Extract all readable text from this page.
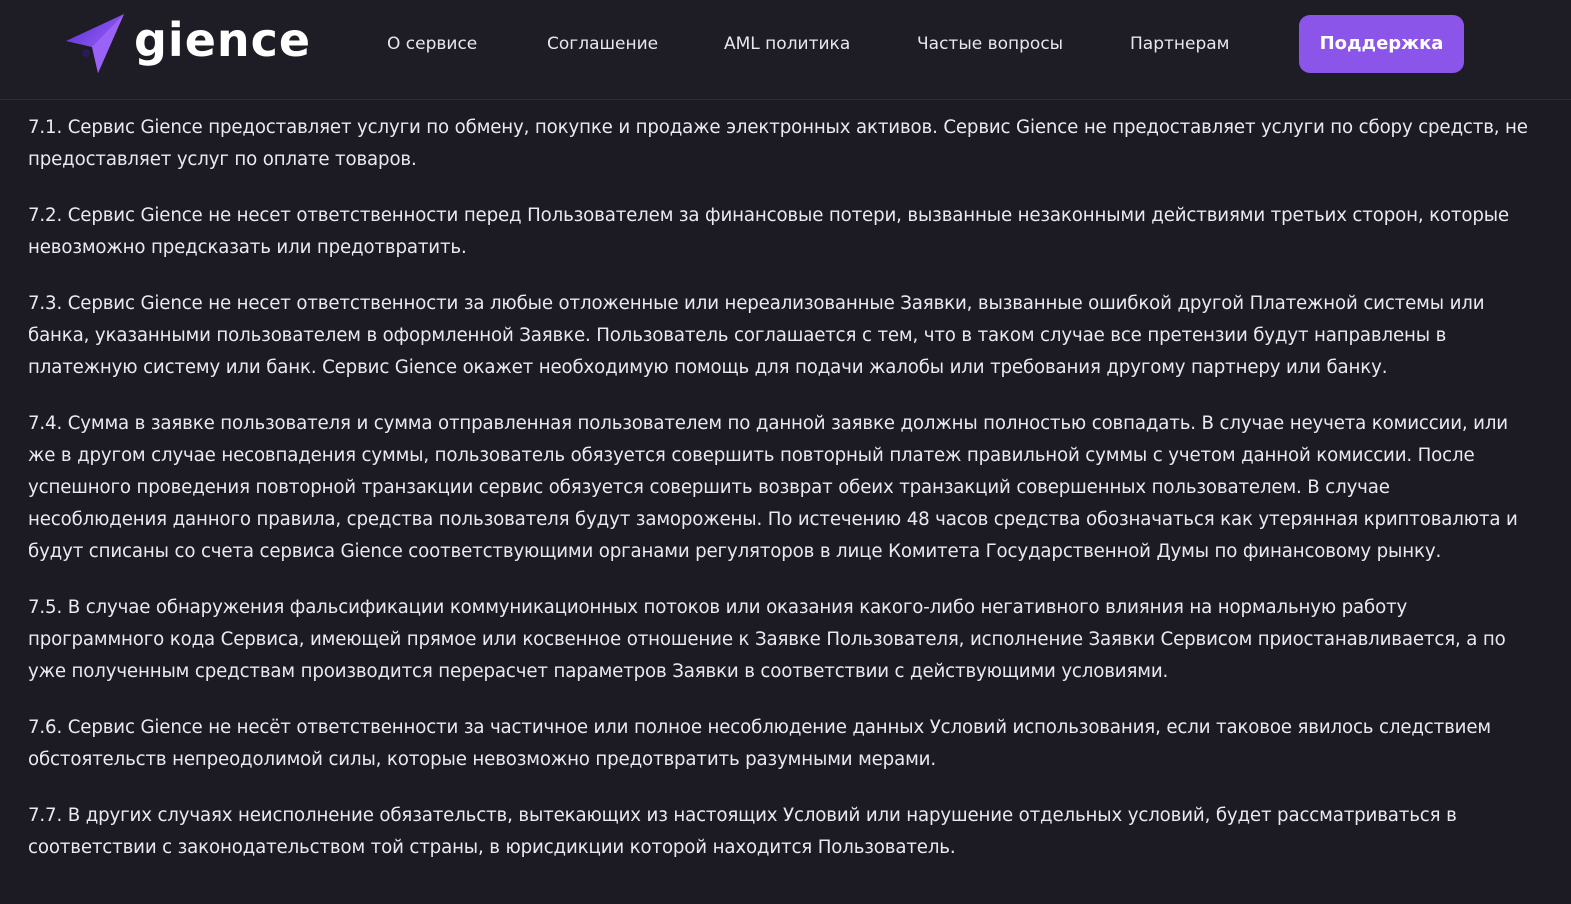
gience	О сервисе	Соглашение	AML политика	Частые вопросы	Партнерам	Поддержка

7.1. Сервис Gience предоставляет услуги по обмену, покупке и продаже электронных активов. Сервис Gience не предоставляет услуги по сбору средств, не предоставляет услуг по оплате товаров.

7.2. Сервис Gience не несет ответственности перед Пользователем за финансовые потери, вызванные незаконными действиями третьих сторон, которые невозможно предсказать или предотвратить.

7.3. Сервис Gience не несет ответственности за любые отложенные или нереализованные Заявки, вызванные ошибкой другой Платежной системы или банка, указанными пользователем в оформленной Заявке. Пользователь соглашается с тем, что в таком случае все претензии будут направлены в платежную систему или банк. Сервис Gience окажет необходимую помощь для подачи жалобы или требования другому партнеру или банку.

7.4. Сумма в заявке пользователя и сумма отправленная пользователем по данной заявке должны полностью совпадать. В случае неучета комиссии, или же в другом случае несовпадения суммы, пользователь обязуется совершить повторный платеж правильной суммы с учетом данной комиссии. После успешного проведения повторной транзакции сервис обязуется совершить возврат обеих транзакций совершенных пользователем. В случае несоблюдения данного правила, средства пользователя будут заморожены. По истечению 48 часов средства обозначаться как утерянная криптовалюта и будут списаны со счета сервиса Gience соответствующими органами регуляторов в лице Комитета Государственной Думы по финансовому рынку.

7.5. В случае обнаружения фальсификации коммуникационных потоков или оказания какого-либо негативного влияния на нормальную работу программного кода Сервиса, имеющей прямое или косвенное отношение к Заявке Пользователя, исполнение Заявки Сервисом приостанавливается, а по уже полученным средствам производится перерасчет параметров Заявки в соответствии с действующими условиями.

7.6. Сервис Gience не несёт ответственности за частичное или полное несоблюдение данных Условий использования, если таковое явилось следствием обстоятельств непреодолимой силы, которые невозможно предотвратить разумными мерами.

7.7. В других случаях неисполнение обязательств, вытекающих из настоящих Условий или нарушение отдельных условий, будет рассматриваться в соответствии с законодательством той страны, в юрисдикции которой находится Пользователь.
